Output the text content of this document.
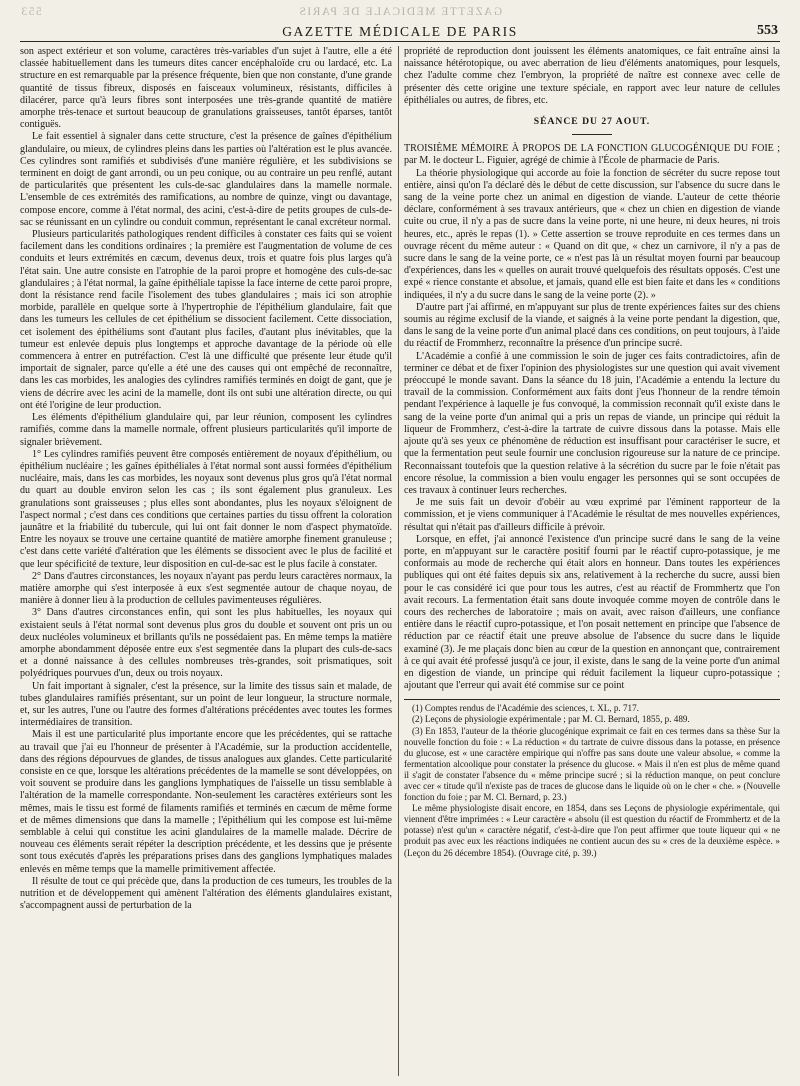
GAZETTE MÉDICALE DE PARIS
553
GAZETTE MÉDICALE DE PARIS	553

son aspect extérieur et son volume, caractères très-variables d'un sujet à l'autre, elle a été classée habituellement dans les tumeurs dites cancer encéphaloïde cru ou lardacé, etc. La structure en est remarquable par la présence fréquente, bien que non constante, d'une grande quantité de tissus fibreux, disposés en faisceaux volumineux, résistants, difficiles à dilacérer, parce qu'à leurs fibres sont interposées une très-grande quantité de matière amorphe très-tenace et surtout beaucoup de granulations graisseuses, tantôt éparses, tantôt contiguës.

Le fait essentiel à signaler dans cette structure, c'est la présence de gaînes d'épithélium glandulaire, ou mieux, de cylindres pleins dans les parties où l'altération est le plus avancée. Ces cylindres sont ramifiés et subdivisés d'une manière régulière, et les subdivisions se terminent en doigt de gant arrondi, ou un peu conique, ou au contraire un peu renflé, autant de particularités que présentent les culs-de-sac glandulaires dans la mamelle normale. L'ensemble de ces extrémités des ramifications, au nombre de quinze, vingt ou davantage, compose encore, comme à l'état normal, des acini, c'est-à-dire de petits groupes de culs-de-sac se réunissant en un cylindre ou conduit commun, représentant le canal excréteur normal.

Plusieurs particularités pathologiques rendent difficiles à constater ces faits qui se voient facilement dans les conditions ordinaires ; la première est l'augmentation de volume de ces conduits et leurs extrémités en cæcum, devenus deux, trois et quatre fois plus larges qu'à l'état sain. Une autre consiste en l'atrophie de la paroi propre et homogène des culs-de-sac glandulaires ; à l'état normal, la gaîne épithéliale tapisse la face interne de cette paroi propre, dont la résistance rend facile l'isolement des tubes glandulaires ; mais ici son atrophie morbide, parallèle en quelque sorte à l'hypertrophie de l'épithélium glandulaire, fait que dans les tumeurs les cellules de cet épithélium se dissocient facilement. Cette dissociation, cet isolement des épithéliums sont d'autant plus faciles, d'autant plus inévitables, que la tumeur est enlevée depuis plus longtemps et approche davantage de la période où elle commencera à entrer en putréfaction. C'est là une difficulté que présente leur étude qu'il importait de signaler, parce qu'elle a été une des causes qui ont empêché de reconnaître, dans les cas morbides, les analogies des cylindres ramifiés terminés en doigt de gant, que je viens de décrire avec les acini de la mamelle, dont ils ont subi une altération directe, ou qui ont été l'origine de leur production.

Les éléments d'épithélium glandulaire qui, par leur réunion, composent les cylindres ramifiés, comme dans la mamelle normale, offrent plusieurs particularités qu'il importe de signaler brièvement.

1° Les cylindres ramifiés peuvent être composés entièrement de noyaux d'épithélium, ou épithélium nucléaire ; les gaînes épithéliales à l'état normal sont aussi formées d'épithélium nucléaire, mais, dans les cas morbides, les noyaux sont devenus plus gros qu'à l'état normal du quart au double environ selon les cas ; ils sont également plus granuleux. Les granulations sont graisseuses ; plus elles sont abondantes, plus les noyaux s'éloignent de l'aspect normal ; c'est dans ces conditions que certaines parties du tissu offrent la coloration jaunâtre et la friabilité du tubercule, qui lui ont fait donner le nom d'aspect phymatoïde. Entre les noyaux se trouve une certaine quantité de matière amorphe finement granuleuse ; c'est dans cette variété d'altération que les éléments se dissocient avec le plus de facilité et que leur spécificité de texture, leur disposition en cul-de-sac est le plus facile à constater.

2° Dans d'autres circonstances, les noyaux n'ayant pas perdu leurs caractères normaux, la matière amorphe qui s'est interposée à eux s'est segmentée autour de chaque noyau, de manière à donner lieu à la production de cellules pavimenteuses régulières.

3° Dans d'autres circonstances enfin, qui sont les plus habituelles, les noyaux qui existaient seuls à l'état normal sont devenus plus gros du double et souvent ont pris un ou deux nucléoles volumineux et brillants qu'ils ne possédaient pas. En même temps la matière amorphe abondamment déposée entre eux s'est segmentée dans la plupart des culs-de-sacs et a donné naissance à des cellules nombreuses très-grandes, soit prismatiques, soit polyédriques pourvues d'un, deux ou trois noyaux.

Un fait important à signaler, c'est la présence, sur la limite des tissus sain et malade, de tubes glandulaires ramifiés présentant, sur un point de leur longueur, la structure normale, et, sur les autres, l'une ou l'autre des formes d'altérations précédentes avec toutes les formes intermédiaires de transition.

Mais il est une particularité plus importante encore que les précédentes, qui se rattache au travail que j'ai eu l'honneur de présenter à l'Académie, sur la production accidentelle, dans des régions dépourvues de glandes, de tissus analogues aux glandes. Cette particularité consiste en ce que, lorsque les altérations précédentes de la mamelle se sont développées, on voit souvent se produire dans les ganglions lymphatiques de l'aisselle un tissu semblable à l'altération de la mamelle correspondante. Non-seulement les caractères extérieurs sont les mêmes, mais le tissu est formé de filaments ramifiés et terminés en cæcum de même forme et de mêmes dimensions que dans la mamelle ; l'épithélium qui les compose est lui-même semblable à celui qui constitue les acini glandulaires de la mamelle malade. Décrire de nouveau ces éléments serait répéter la description précédente, et les dessins que je présente sont tous exécutés d'après les préparations prises dans des ganglions lymphatiques malades enlevés en même temps que la mamelle primitivement affectée.

Il résulte de tout ce qui précède que, dans la production de ces tumeurs, les troubles de la nutrition et de développement qui amènent l'altération des éléments glandulaires existant, s'accompagnent aussi de perturbation de la

propriété de reproduction dont jouissent les éléments anatomiques, ce fait entraîne ainsi la naissance hétérotopique, ou avec aberration de lieu d'éléments anatomiques, pour lesquels, chez l'adulte comme chez l'embryon, la propriété de naître est connexe avec celle de présenter dès cette origine une texture spéciale, en rapport avec leur nature de cellules épithéliales ou autres, de fibres, etc.

SÉANCE DU 27 AOUT.

TROISIÈME MÉMOIRE À PROPOS DE LA FONCTION GLUCOGÉNIQUE DU FOIE ; par M. le docteur L. Figuier, agrégé de chimie à l'École de pharmacie de Paris.

La théorie physiologique qui accorde au foie la fonction de sécréter du sucre repose tout entière, ainsi qu'on l'a déclaré dès le début de cette discussion, sur l'absence du sucre dans le sang de la veine porte chez un animal en digestion de viande. L'auteur de cette théorie déclare, conformément à ses travaux antérieurs, que « chez un chien en digestion de viande cuite ou crue, il n'y a pas de sucre dans la veine porte, ni une heure, ni deux heures, ni trois heures, etc., après le repas (1). » Cette assertion se trouve reproduite en ces termes dans un ouvrage récent du même auteur : « Quand on dit que, « chez un carnivore, il n'y a pas de sucre dans le sang de la veine porte, ce « n'est pas là un résultat moyen fourni par beaucoup d'expériences, dans les « quelles on aurait trouvé quelquefois des résultats opposés. C'est une expé « rience constante et absolue, et jamais, quand elle est bien faite et dans les « conditions indiquées, il n'y a du sucre dans le sang de la veine porte (2). »

D'autre part j'ai affirmé, en m'appuyant sur plus de trente expériences faites sur des chiens soumis au régime exclusif de la viande, et saignés à la veine porte pendant la digestion, que, dans le sang de la veine porte d'un animal placé dans ces conditions, on peut toujours, à l'aide du réactif de Frommherz, reconnaître la présence d'un principe sucré.

L'Académie a confié à une commission le soin de juger ces faits contradictoires, afin de terminer ce débat et de fixer l'opinion des physiologistes sur une question qui avait vivement préoccupé le monde savant. Dans la séance du 18 juin, l'Académie a entendu la lecture du travail de la commission. Conformément aux faits dont j'eus l'honneur de la rendre témoin pendant l'expérience à laquelle je fus convoqué, la commission reconnaît qu'il existe dans le sang de la veine porte d'un animal qui a pris un repas de viande, un principe qui réduit la liqueur de Frommherz, c'est-à-dire la tartrate de cuivre dissous dans la potasse. Mais elle ajoute qu'à ses yeux ce phénomène de réduction est insuffisant pour caractériser le sucre, et que la fermentation peut seule fournir une conclusion rigoureuse sur la nature de ce principe. Reconnaissant toutefois que la question relative à la sécrétion du sucre par le foie n'était pas encore résolue, la commission a bien voulu engager les personnes qui se sont occupées de ces travaux à continuer leurs recherches.

Je me suis fait un devoir d'obéir au vœu exprimé par l'éminent rapporteur de la commission, et je viens communiquer à l'Académie le résultat de mes nouvelles expériences, résultat qui n'était pas d'ailleurs difficile à prévoir.

Lorsque, en effet, j'ai annoncé l'existence d'un principe sucré dans le sang de la veine porte, en m'appuyant sur le caractère positif fourni par le réactif cupro-potassique, je me conformais au mode de recherche qui était alors en honneur. Dans toutes les expériences publiques qui ont été faites depuis six ans, relativement à la recherche du sucre, aussi bien pour le cas considéré ici que pour tous les autres, c'est au réactif de Frommhertz que l'on avait recours. La fermentation était sans doute invoquée comme moyen de contrôle dans le cours des recherches de laboratoire ; mais on avait, avec raison d'ailleurs, une confiance entière dans le réactif cupro-potassique, et l'on posait nettement en principe que l'absence de réduction par ce réactif était une preuve absolue de l'absence du sucre dans le liquide examiné (3). Je me plaçais donc bien au cœur de la question en annonçant que, contrairement à ce qui avait été professé jusqu'à ce jour, il existe, dans le sang de la veine porte d'un animal en digestion de viande, un principe qui réduit facilement la liqueur cupro-potassique ; ajoutant que l'erreur qui avait été commise sur ce point

(1) Comptes rendus de l'Académie des sciences, t. XL, p. 717.

(2) Leçons de physiologie expérimentale ; par M. Cl. Bernard, 1855, p. 489.

(3) En 1853, l'auteur de la théorie glucogénique exprimait ce fait en ces termes dans sa thèse Sur la nouvelle fonction du foie : « La réduction « du tartrate de cuivre dissous dans la potasse, en présence du glucose, est « une caractère empirique qui n'offre pas sans doute une valeur absolue, « comme la fermentation alcoolique pour constater la présence du glucose. « Mais il n'en est plus de même quand il s'agit de constater l'absence du « même principe sucré ; si la réduction manque, on peut conclure avec cer « titude qu'il n'existe pas de traces de glucose dans le liquide où on le cher « che. » (Nouvelle fonction du foie ; par M. Cl. Bernard, p. 23.)

Le même physiologiste disait encore, en 1854, dans ses Leçons de physiologie expérimentale, qui viennent d'être imprimées : « Leur caractère « absolu (il est question du réactif de Frommhertz et de la potasse) n'est qu'un « caractère négatif, c'est-à-dire que l'on peut affirmer que toute liqueur qui « ne produit pas avec eux les réactions indiquées ne contient aucun des su « cres de la deuxième espèce. » (Leçon du 26 décembre 1854). (Ouvrage cité, p. 39.)
